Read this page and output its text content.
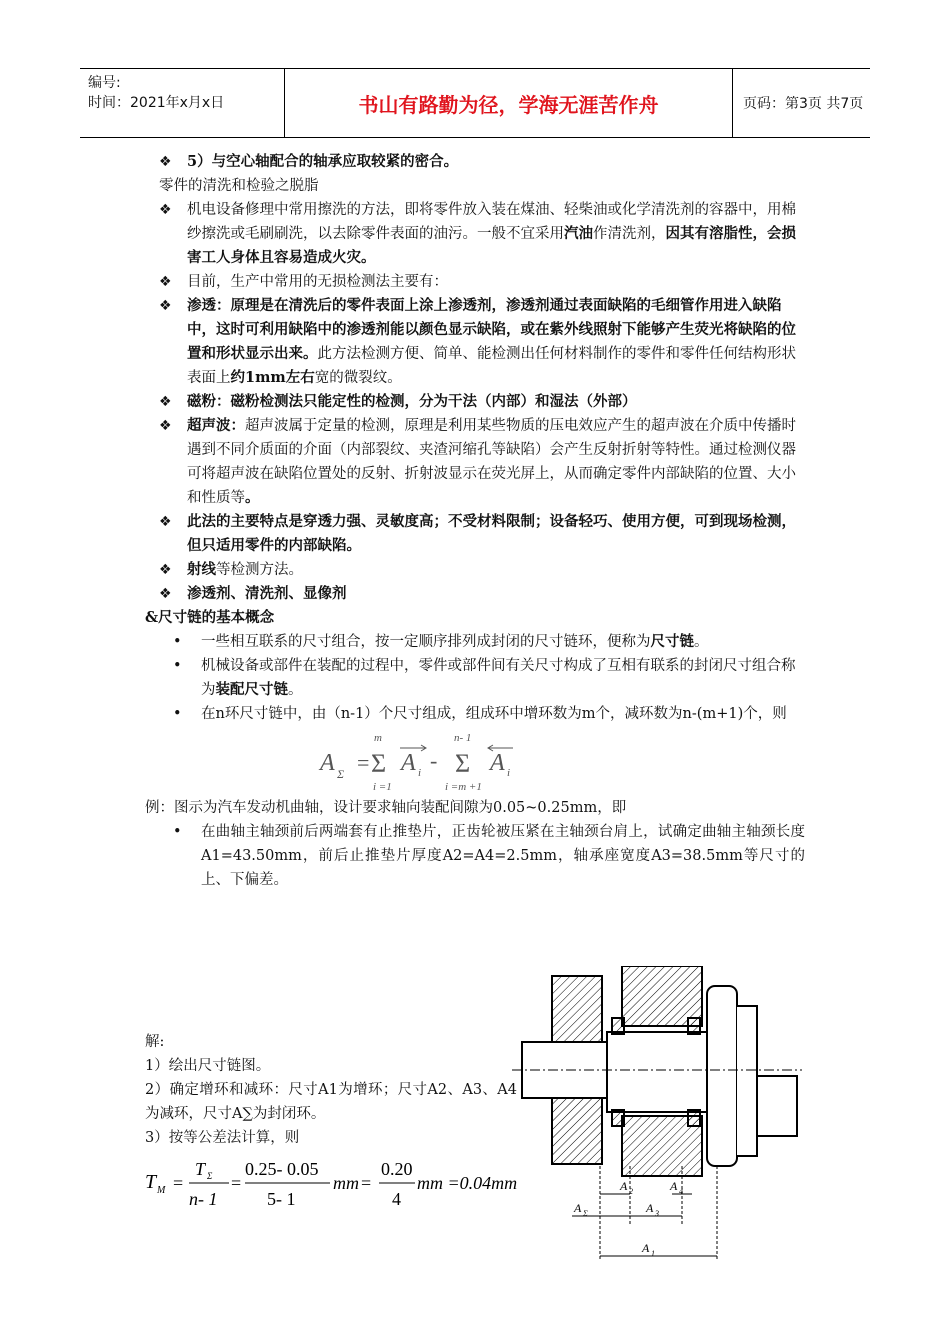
编号:
时间：2021年x月x日	书山有路勤为径，学海无涯苦作舟	页码：第3页 共7页
❖ 5）与空心轴配合的轴承应取较紧的密合。
零件的清洗和检验之脱脂
❖ 机电设备修理中常用擦洗的方法，即将零件放入装在煤油、轻柴油或化学清洗剂的容器中，用棉纱擦洗或毛刷刷洗，以去除零件表面的油污。一般不宜采用汽油作清洗剂，因其有溶脂性，会损害工人身体且容易造成火灾。
❖ 目前，生产中常用的无损检测法主要有：
❖ 渗透：原理是在清洗后的零件表面上涂上渗透剂，渗透剂通过表面缺陷的毛细管作用进入缺陷中，这时可利用缺陷中的渗透剂能以颜色显示缺陷，或在紫外线照射下能够产生荧光将缺陷的位置和形状显示出来。此方法检测方便、简单、能检测出任何材料制作的零件和零件任何结构形状表面上约1mm左右宽的微裂纹。
❖ 磁粉：磁粉检测法只能定性的检测，分为干法（内部）和湿法（外部）
❖ 超声波：超声波属于定量的检测，原理是利用某些物质的压电效应产生的超声波在介质中传播时遇到不同介质面的介面（内部裂纹、夹渣河缩孔等缺陷）会产生反射折射等特性。通过检测仪器可将超声波在缺陷位置处的反射、折射波显示在荧光屏上，从而确定零件内部缺陷的位置、大小和性质等。
❖ 此法的主要特点是穿透力强、灵敏度高；不受材料限制；设备轻巧、使用方便，可到现场检测，但只适用零件的内部缺陷。
❖ 射线等检测方法。
❖ 渗透剂、清洗剂、显像剂
&尺寸链的基本概念
• 一些相互联系的尺寸组合，按一定顺序排列成封闭的尺寸链环，便称为尺寸链。
• 机械设备或部件在装配的过程中，零件或部件间有关尺寸构成了互相有联系的封闭尺寸组合称为装配尺寸链。
• 在n环尺寸链中，由（n-1）个尺寸组成，组成环中增环数为m个，减环数为n-(m+1)个，则
A Σ =
m
Σ
i =1
A i -
n- 1
Σ
i =m +1
A i
例：图示为汽车发动机曲轴，设计要求轴向装配间隙为0.05~0.25mm，即
• 在曲轴主轴颈前后两端套有止推垫片，正齿轮被压紧在主轴颈台肩上，试确定曲轴主轴颈长度A1=43.50mm，前后止推垫片厚度A2=A4=2.5mm，轴承座宽度A3=38.5mm等尺寸的上、下偏差。
解:
1）绘出尺寸链图。
2）确定增环和减环：尺寸A1为增环；尺寸A2、A3、A4为减环，尺寸A∑为封闭环。
3）按等公差法计算，则
T M =
T Σ
n- 1
=
0.25- 0.05
5- 1
mm =
0.20
4
mm =0.04mm
A Σ
A 2
A 3
A 4
A 1
